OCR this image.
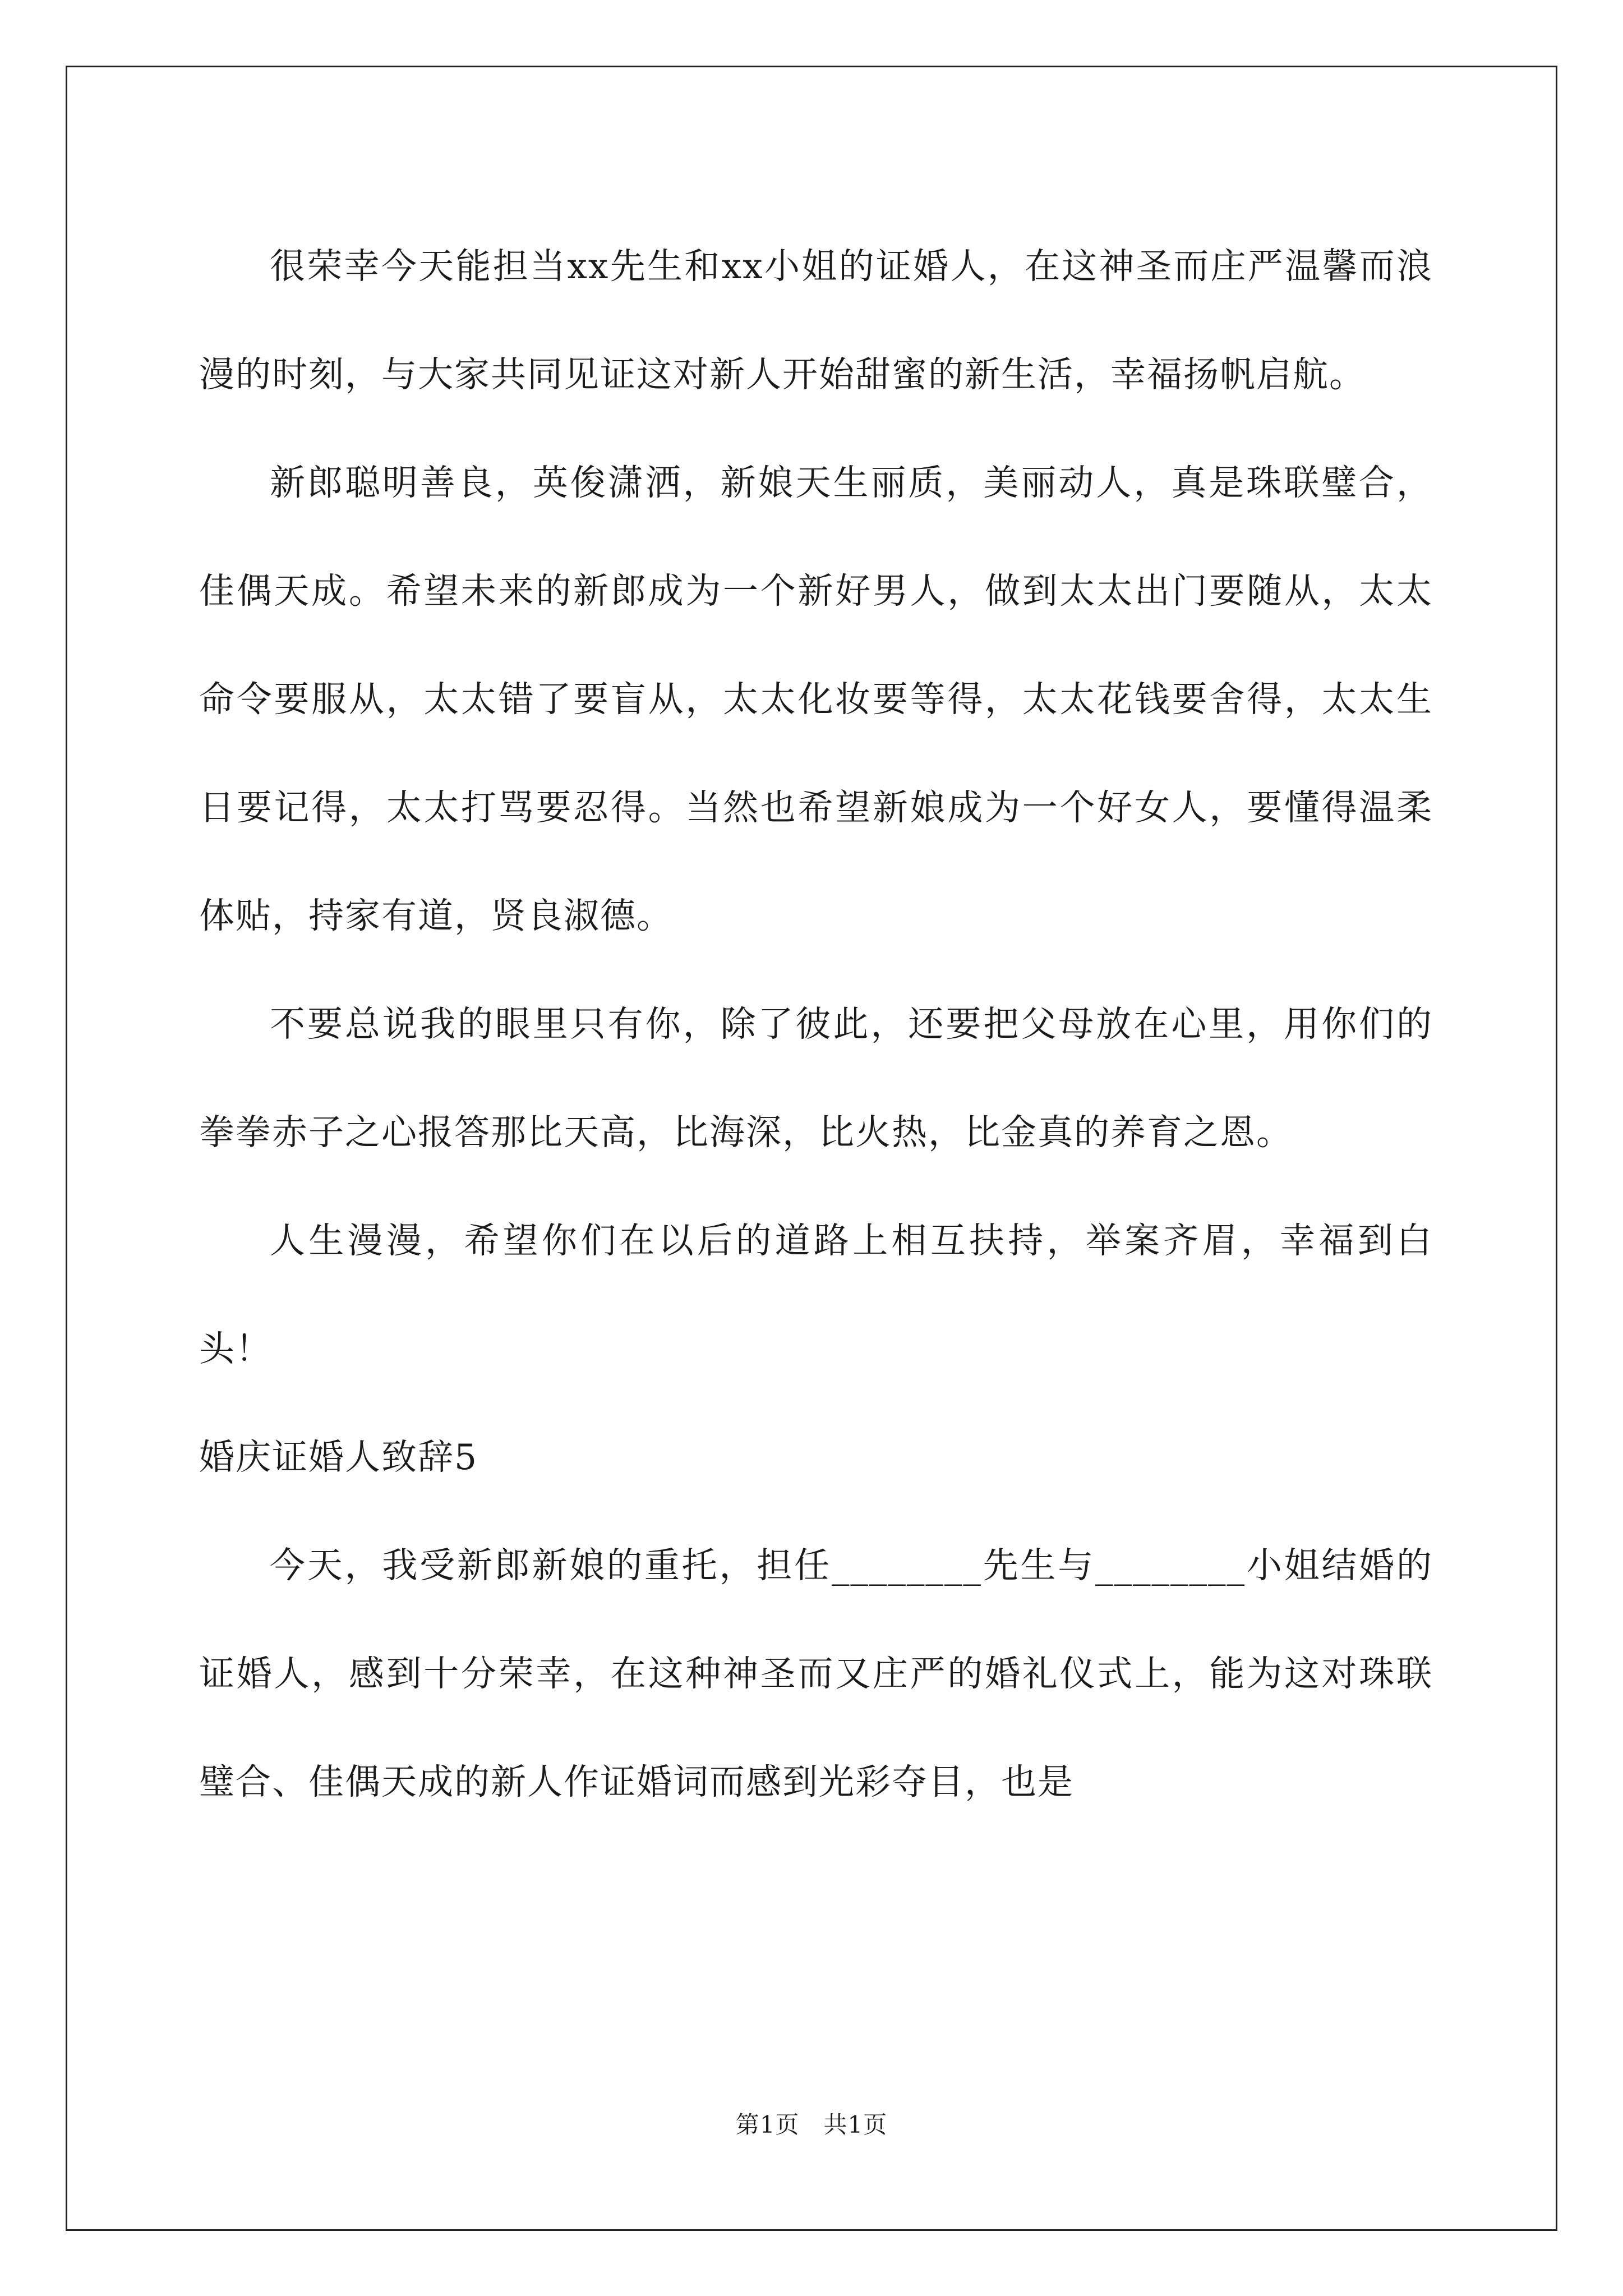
很荣幸今天能担当xx先生和xx小姐的证婚人，在这神圣而庄严温馨而浪漫的时刻，与大家共同见证这对新人开始甜蜜的新生活，幸福扬帆启航。

新郎聪明善良，英俊潇洒，新娘天生丽质，美丽动人，真是珠联璧合，佳偶天成。希望未来的新郎成为一个新好男人，做到太太出门要随从，太太命令要服从，太太错了要盲从，太太化妆要等得，太太花钱要舍得，太太生日要记得，太太打骂要忍得。当然也希望新娘成为一个好女人，要懂得温柔体贴，持家有道，贤良淑德。

不要总说我的眼里只有你，除了彼此，还要把父母放在心里，用你们的拳拳赤子之心报答那比天高，比海深，比火热，比金真的养育之恩。

人生漫漫，希望你们在以后的道路上相互扶持，举案齐眉，幸福到白头！

婚庆证婚人致辞5

今天，我受新郎新娘的重托，担任________先生与________小姐结婚的证婚人，感到十分荣幸，在这种神圣而又庄严的婚礼仪式上，能为这对珠联璧合、佳偶天成的新人作证婚词而感到光彩夺目，也是

第1页   共1页
